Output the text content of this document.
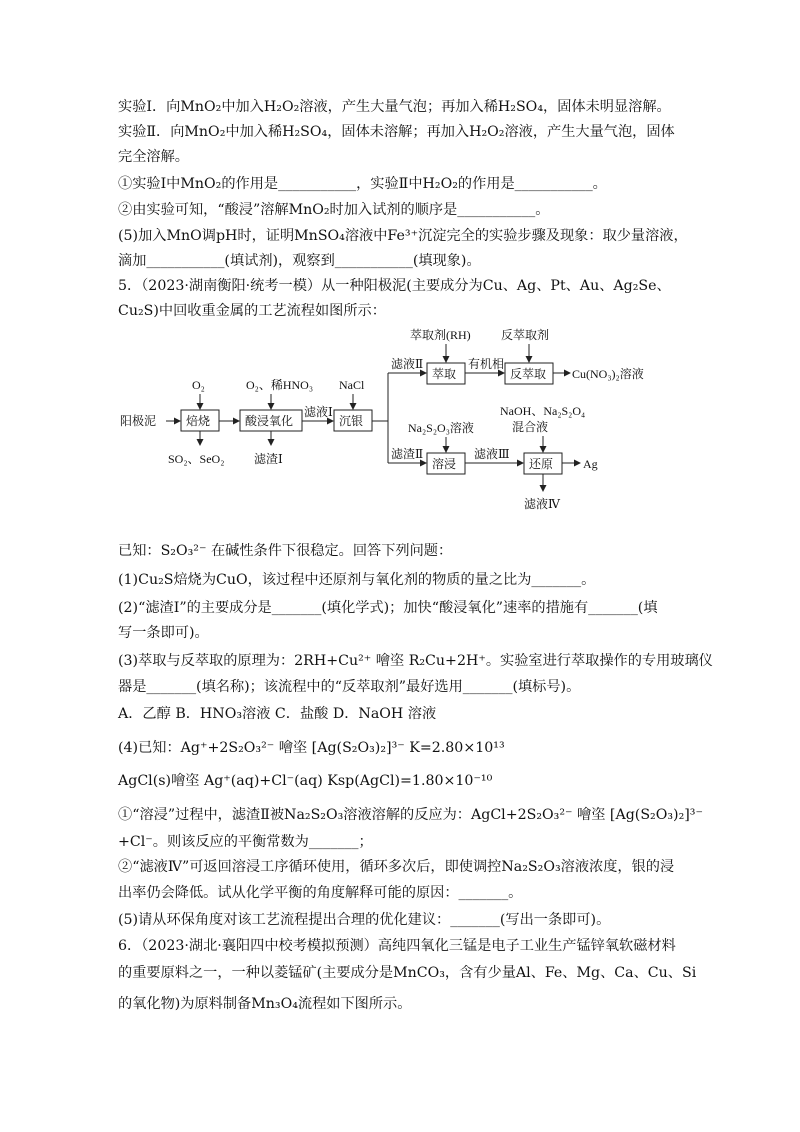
实验Ⅰ．向MnO₂中加入H₂O₂溶液，产生大量气泡；再加入稀H₂SO₄，固体未明显溶解。
实验Ⅱ．向MnO₂中加入稀H₂SO₄，固体未溶解；再加入H₂O₂溶液，产生大量气泡，固体
完全溶解。
①实验Ⅰ中MnO₂的作用是___________，实验Ⅱ中H₂O₂的作用是___________。
②由实验可知，“酸浸”溶解MnO₂时加入试剂的顺序是___________。
(5)加入MnO调pH时，证明MnSO₄溶液中Fe³⁺沉淀完全的实验步骤及现象：取少量溶液，
滴加___________(填试剂)，观察到___________(填现象)。
5．（2023·湖南衡阳·统考一模）从一种阳极泥(主要成分为Cu、Ag、Pt、Au、Ag₂Se、
Cu₂S)中回收重金属的工艺流程如图所示：
阳极泥 焙烧
O₂
SO₂、SeO₂
酸浸氧化
O₂、稀HNO₃
滤渣Ⅰ
滤液Ⅰ
沉银
NaCl
滤液Ⅱ
萃取
萃取剂(RH)
有机相
反萃取
反萃取剂
Cu(NO₃)₂溶液
滤渣Ⅱ
溶浸
Na₂S₂O₃溶液
滤液Ⅲ
还原
NaOH、Na₂S₂O₄
混合液
Ag
滤液Ⅳ
已知：S₂O₃²⁻ 在碱性条件下很稳定。回答下列问题：
(1)Cu₂S焙烧为CuO，该过程中还原剂与氧化剂的物质的量之比为_______。
(2)“滤渣Ⅰ”的主要成分是_______(填化学式)；加快“酸浸氧化”速率的措施有_______(填
写一条即可)。
(3)萃取与反萃取的原理为：2RH+Cu²⁺ 噲垐 R₂Cu+2H⁺。实验室进行萃取操作的专用玻璃仪
器是_______(填名称)；该流程中的“反萃取剂”最好选用_______(填标号)。
A．乙醇 B．HNO₃溶液 C．盐酸 D．NaOH 溶液
(4)已知：Ag⁺+2S₂O₃²⁻ 噲垐 [Ag(S₂O₃)₂]³⁻ K=2.80×10¹³
AgCl(s)噲垐 Ag⁺(aq)+Cl⁻(aq) Ksp(AgCl)=1.80×10⁻¹⁰
①“溶浸”过程中，滤渣Ⅱ被Na₂S₂O₃溶液溶解的反应为：AgCl+2S₂O₃²⁻ 噲垐 [Ag(S₂O₃)₂]³⁻
+Cl⁻。则该反应的平衡常数为_______；
②“滤液Ⅳ”可返回溶浸工序循环使用，循环多次后，即使调控Na₂S₂O₃溶液浓度，银的浸
出率仍会降低。试从化学平衡的角度解释可能的原因：_______。
(5)请从环保角度对该工艺流程提出合理的优化建议：_______(写出一条即可)。
6．（2023·湖北·襄阳四中校考模拟预测）高纯四氧化三锰是电子工业生产锰锌氧软磁材料
的重要原料之一，一种以菱锰矿(主要成分是MnCO₃，含有少量Al、Fe、Mg、Ca、Cu、Si
的氧化物)为原料制备Mn₃O₄流程如下图所示。
